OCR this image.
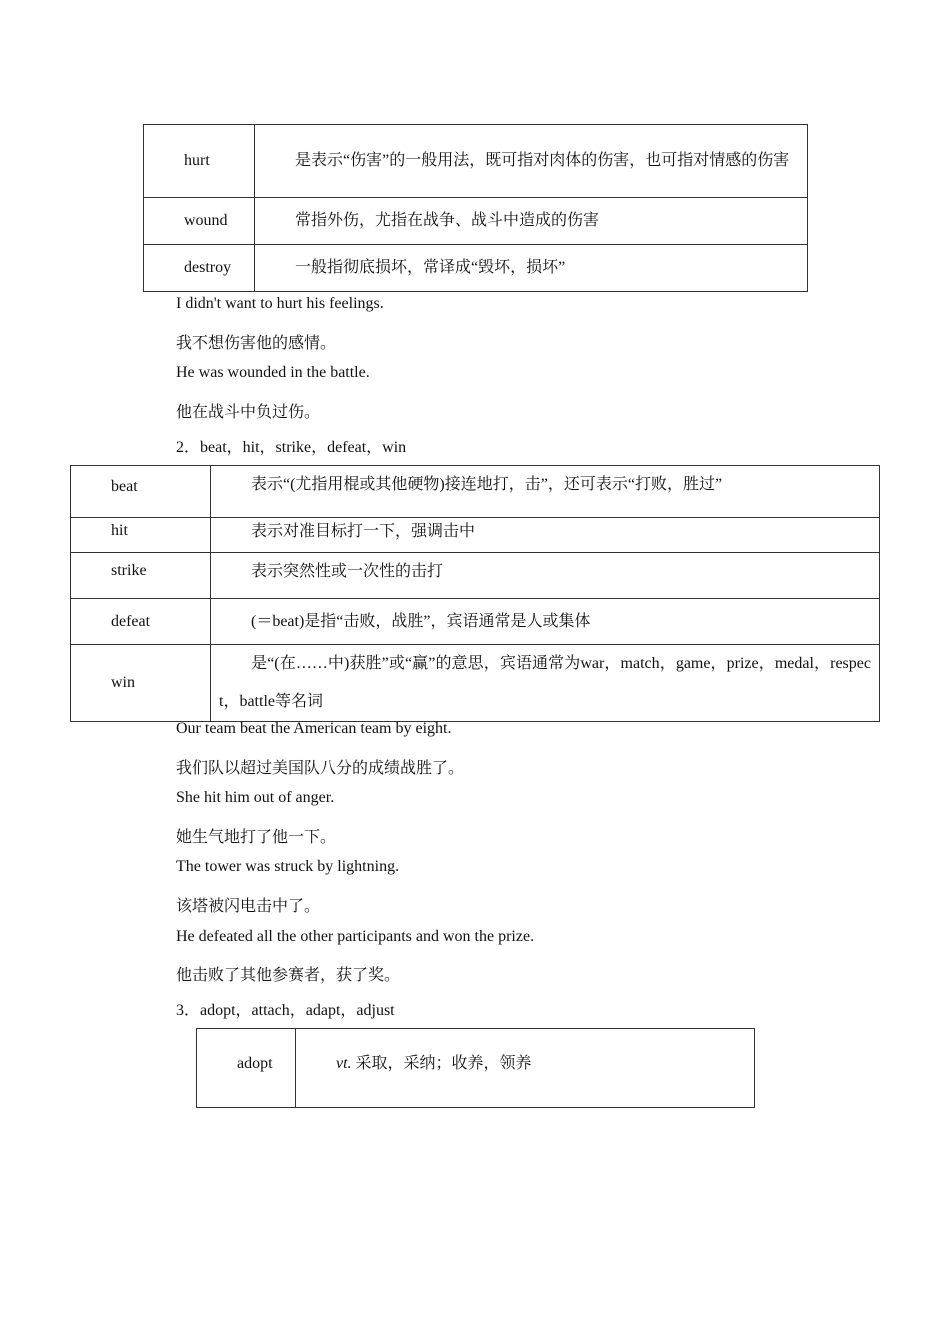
hurt	是表示“伤害”的一般用法，既可指对肉体的伤害，也可指对情感的伤害
wound	常指外伤，尤指在战争、战斗中造成的伤害
destroy	一般指彻底损坏，常译成“毁坏，损坏”
I didn't want to hurt his feelings.
我不想伤害他的感情。
He was wounded in the battle.
他在战斗中负过伤。
2．beat，hit，strike，defeat，win
beat	表示“(尤指用棍或其他硬物)接连地打，击”，还可表示“打败，胜过”
hit	表示对准目标打一下，强调击中
strike	表示突然性或一次性的击打
defeat	(＝beat)是指“击败，战胜”，宾语通常是人或集体
win	是“(在……中)获胜”或“赢”的意思，宾语通常为war，match，game，prize，medal，respect，battle等名词
Our team beat the American team by eight.
我们队以超过美国队八分的成绩战胜了。
She hit him out of anger.
她生气地打了他一下。
The tower was struck by lightning.
该塔被闪电击中了。
He defeated all the other participants and won the prize.
他击败了其他参赛者，获了奖。
3．adopt，attach，adapt，adjust
adopt	vt. 采取，采纳；收养，领养
